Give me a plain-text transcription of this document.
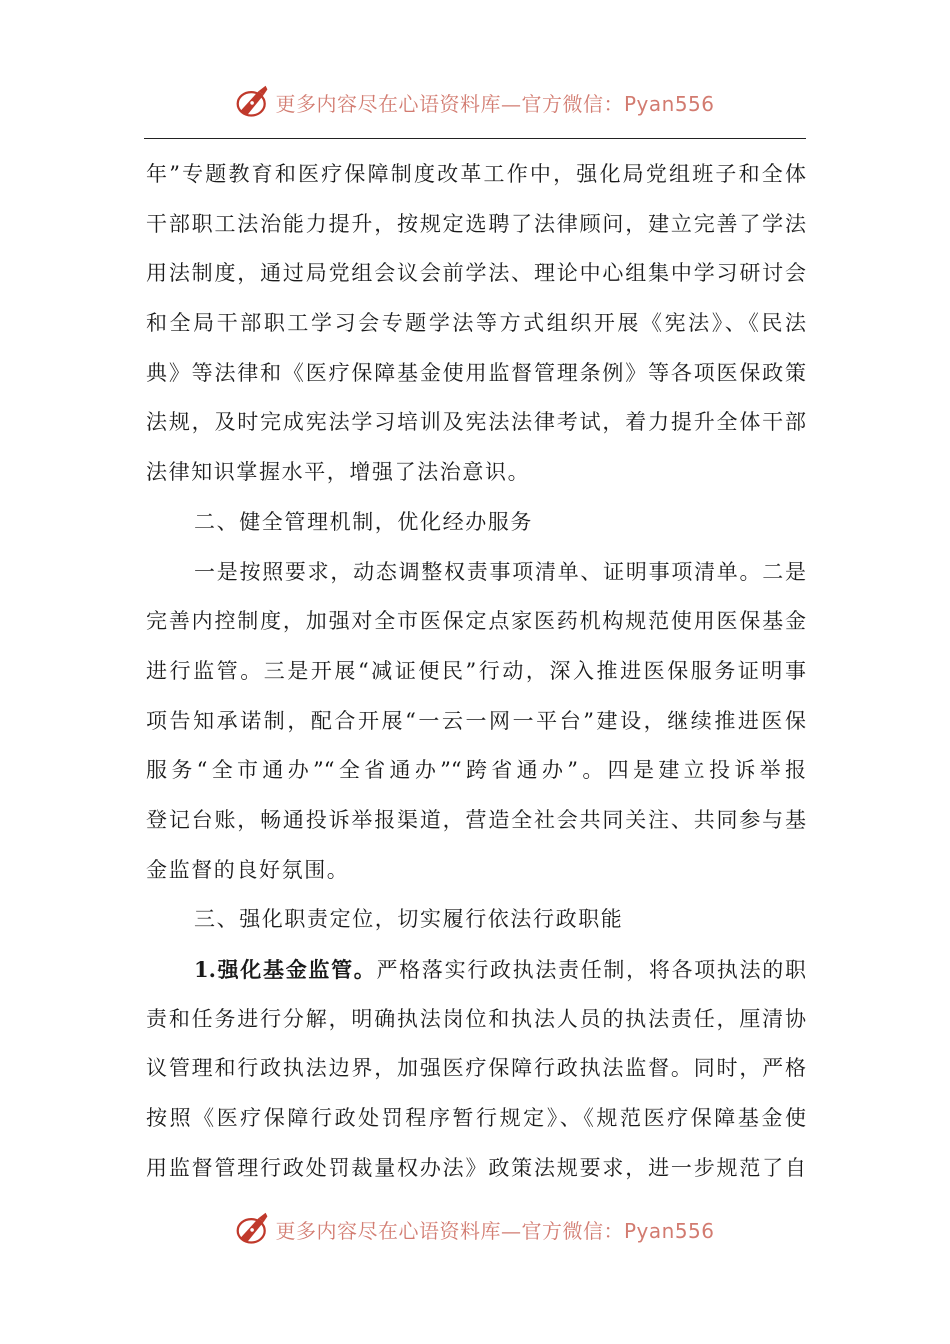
更多内容尽在心语资料库—官方微信：Pyan556
年”专题教育和医疗保障制度改革工作中，强化局党组班子和全体
干部职工法治能力提升，按规定选聘了法律顾问，建立完善了学法
用法制度，通过局党组会议会前学法、理论中心组集中学习研讨会
和全局干部职工学习会专题学法等方式组织开展《宪法》、《民法
典》等法律和《医疗保障基金使用监督管理条例》等各项医保政策
法规，及时完成宪法学习培训及宪法法律考试，着力提升全体干部
法律知识掌握水平，增强了法治意识。
二、健全管理机制，优化经办服务
一是按照要求，动态调整权责事项清单、证明事项清单。二是
完善内控制度，加强对全市医保定点家医药机构规范使用医保基金
进行监管。三是开展“减证便民”行动，深入推进医保服务证明事
项告知承诺制，配合开展“一云一网一平台”建设，继续推进医保
服务“全市通办”“全省通办”“跨省通办”。四是建立投诉举报
登记台账，畅通投诉举报渠道，营造全社会共同关注、共同参与基
金监督的良好氛围。
三、强化职责定位，切实履行依法行政职能
1.强化基金监管。严格落实行政执法责任制，将各项执法的职
责和任务进行分解，明确执法岗位和执法人员的执法责任，厘清协
议管理和行政执法边界，加强医疗保障行政执法监督。同时，严格
按照《医疗保障行政处罚程序暂行规定》、《规范医疗保障基金使
用监督管理行政处罚裁量权办法》政策法规要求，进一步规范了自
更多内容尽在心语资料库—官方微信：Pyan556
